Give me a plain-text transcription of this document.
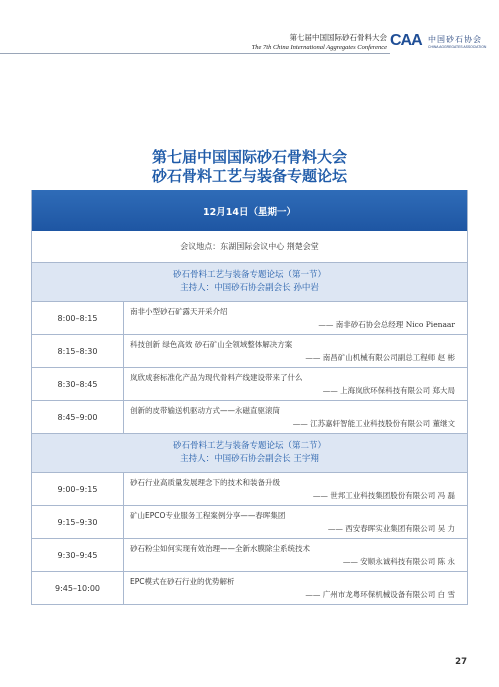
第七届中国国际砂石骨料大会
The 7th China International Aggregates Conference CAA 中国砂石协会
CHINA AGGREGATES ASSOCIATION
第七届中国国际砂石骨料大会
砂石骨料工艺与装备专题论坛
12月14日（星期一）
会议地点：东湖国际会议中心 荆楚会堂
砂石骨料工艺与装备专题论坛（第一节）
主持人：中国砂石协会副会长 孙中岩
8:00–8:15
南非小型砂石矿露天开采介绍
—— 南非砂石协会总经理 Nico Pienaar
8:15–8:30
科技创新 绿色高效 砂石矿山全领域整体解决方案
—— 南昌矿山机械有限公司副总工程师 赵 彬
8:30–8:45
岚欣成套标准化产品为现代骨料产线建设带来了什么
—— 上海岚欣环保科技有限公司 郑大局
8:45–9:00
创新的皮带输送机驱动方式——永磁直驱滚筒
—— 江苏嘉轩智能工业科技股份有限公司 董继文
砂石骨料工艺与装备专题论坛（第二节）
主持人：中国砂石协会副会长 王宇翔
9:00–9:15
砂石行业高质量发展理念下的技术和装备升级
—— 世邦工业科技集团股份有限公司 冯 磊
9:15–9:30
矿山EPCO专业服务工程案例分享——春晖集团
—— 西安春晖实业集团有限公司 吴 力
9:30–9:45
砂石粉尘如何实现有效治理——全新水膜除尘系统技术
—— 安顺永诚科技有限公司 陈 永
9:45–10:00
EPC模式在砂石行业的优势解析
—— 广州市龙粤环保机械设备有限公司 白 雪
27
